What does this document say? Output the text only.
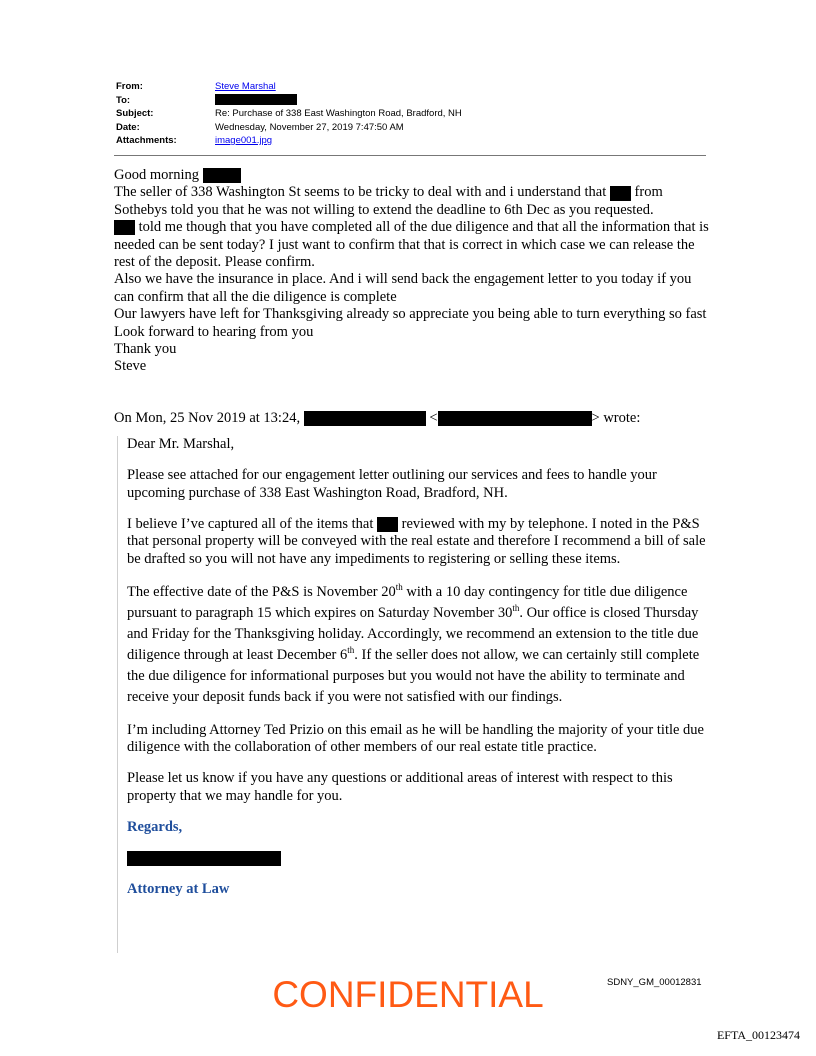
From:	Steve Marshal
To:
Subject:	Re: Purchase of 338 East Washington Road, Bradford, NH
Date:	Wednesday, November 27, 2019 7:47:50 AM
Attachments:	image001.jpg

Good morning

The seller of 338 Washington St seems to be tricky to deal with and i understand that from Sothebys told you that he was not willing to extend the deadline to 6th Dec as you requested.

told me though that you have completed all of the due diligence and that all the information that is needed can be sent today? I just want to confirm that that is correct in which case we can release the rest of the deposit. Please confirm.

Also we have the insurance in place. And i will send back the engagement letter to you today if you can confirm that all the die diligence is complete

Our lawyers have left for Thanksgiving already so appreciate you being able to turn everything so fast

Look forward to hearing from you

Thank you

Steve

On Mon, 25 Nov 2019 at 13:24,	<	> wrote:

Dear Mr. Marshal,

Please see attached for our engagement letter outlining our services and fees to handle your upcoming purchase of 338 East Washington Road, Bradford, NH.

I believe I’ve captured all of the items that reviewed with my by telephone. I noted in the P&S that personal property will be conveyed with the real estate and therefore I recommend a bill of sale be drafted so you will not have any impediments to registering or selling these items.

The effective date of the P&S is November 20th with a 10 day contingency for title due diligence pursuant to paragraph 15 which expires on Saturday November 30th. Our office is closed Thursday and Friday for the Thanksgiving holiday. Accordingly, we recommend an extension to the title due diligence through at least December 6th. If the seller does not allow, we can certainly still complete the due diligence for informational purposes but you would not have the ability to terminate and receive your deposit funds back if you were not satisfied with our findings.

I’m including Attorney Ted Prizio on this email as he will be handling the majority of your title due diligence with the collaboration of other members of our real estate title practice.

Please let us know if you have any questions or additional areas of interest with respect to this property that we may handle for you.

Regards,

Attorney at Law

CONFIDENTIAL	SDNY_GM_00012831
EFTA_00123474
